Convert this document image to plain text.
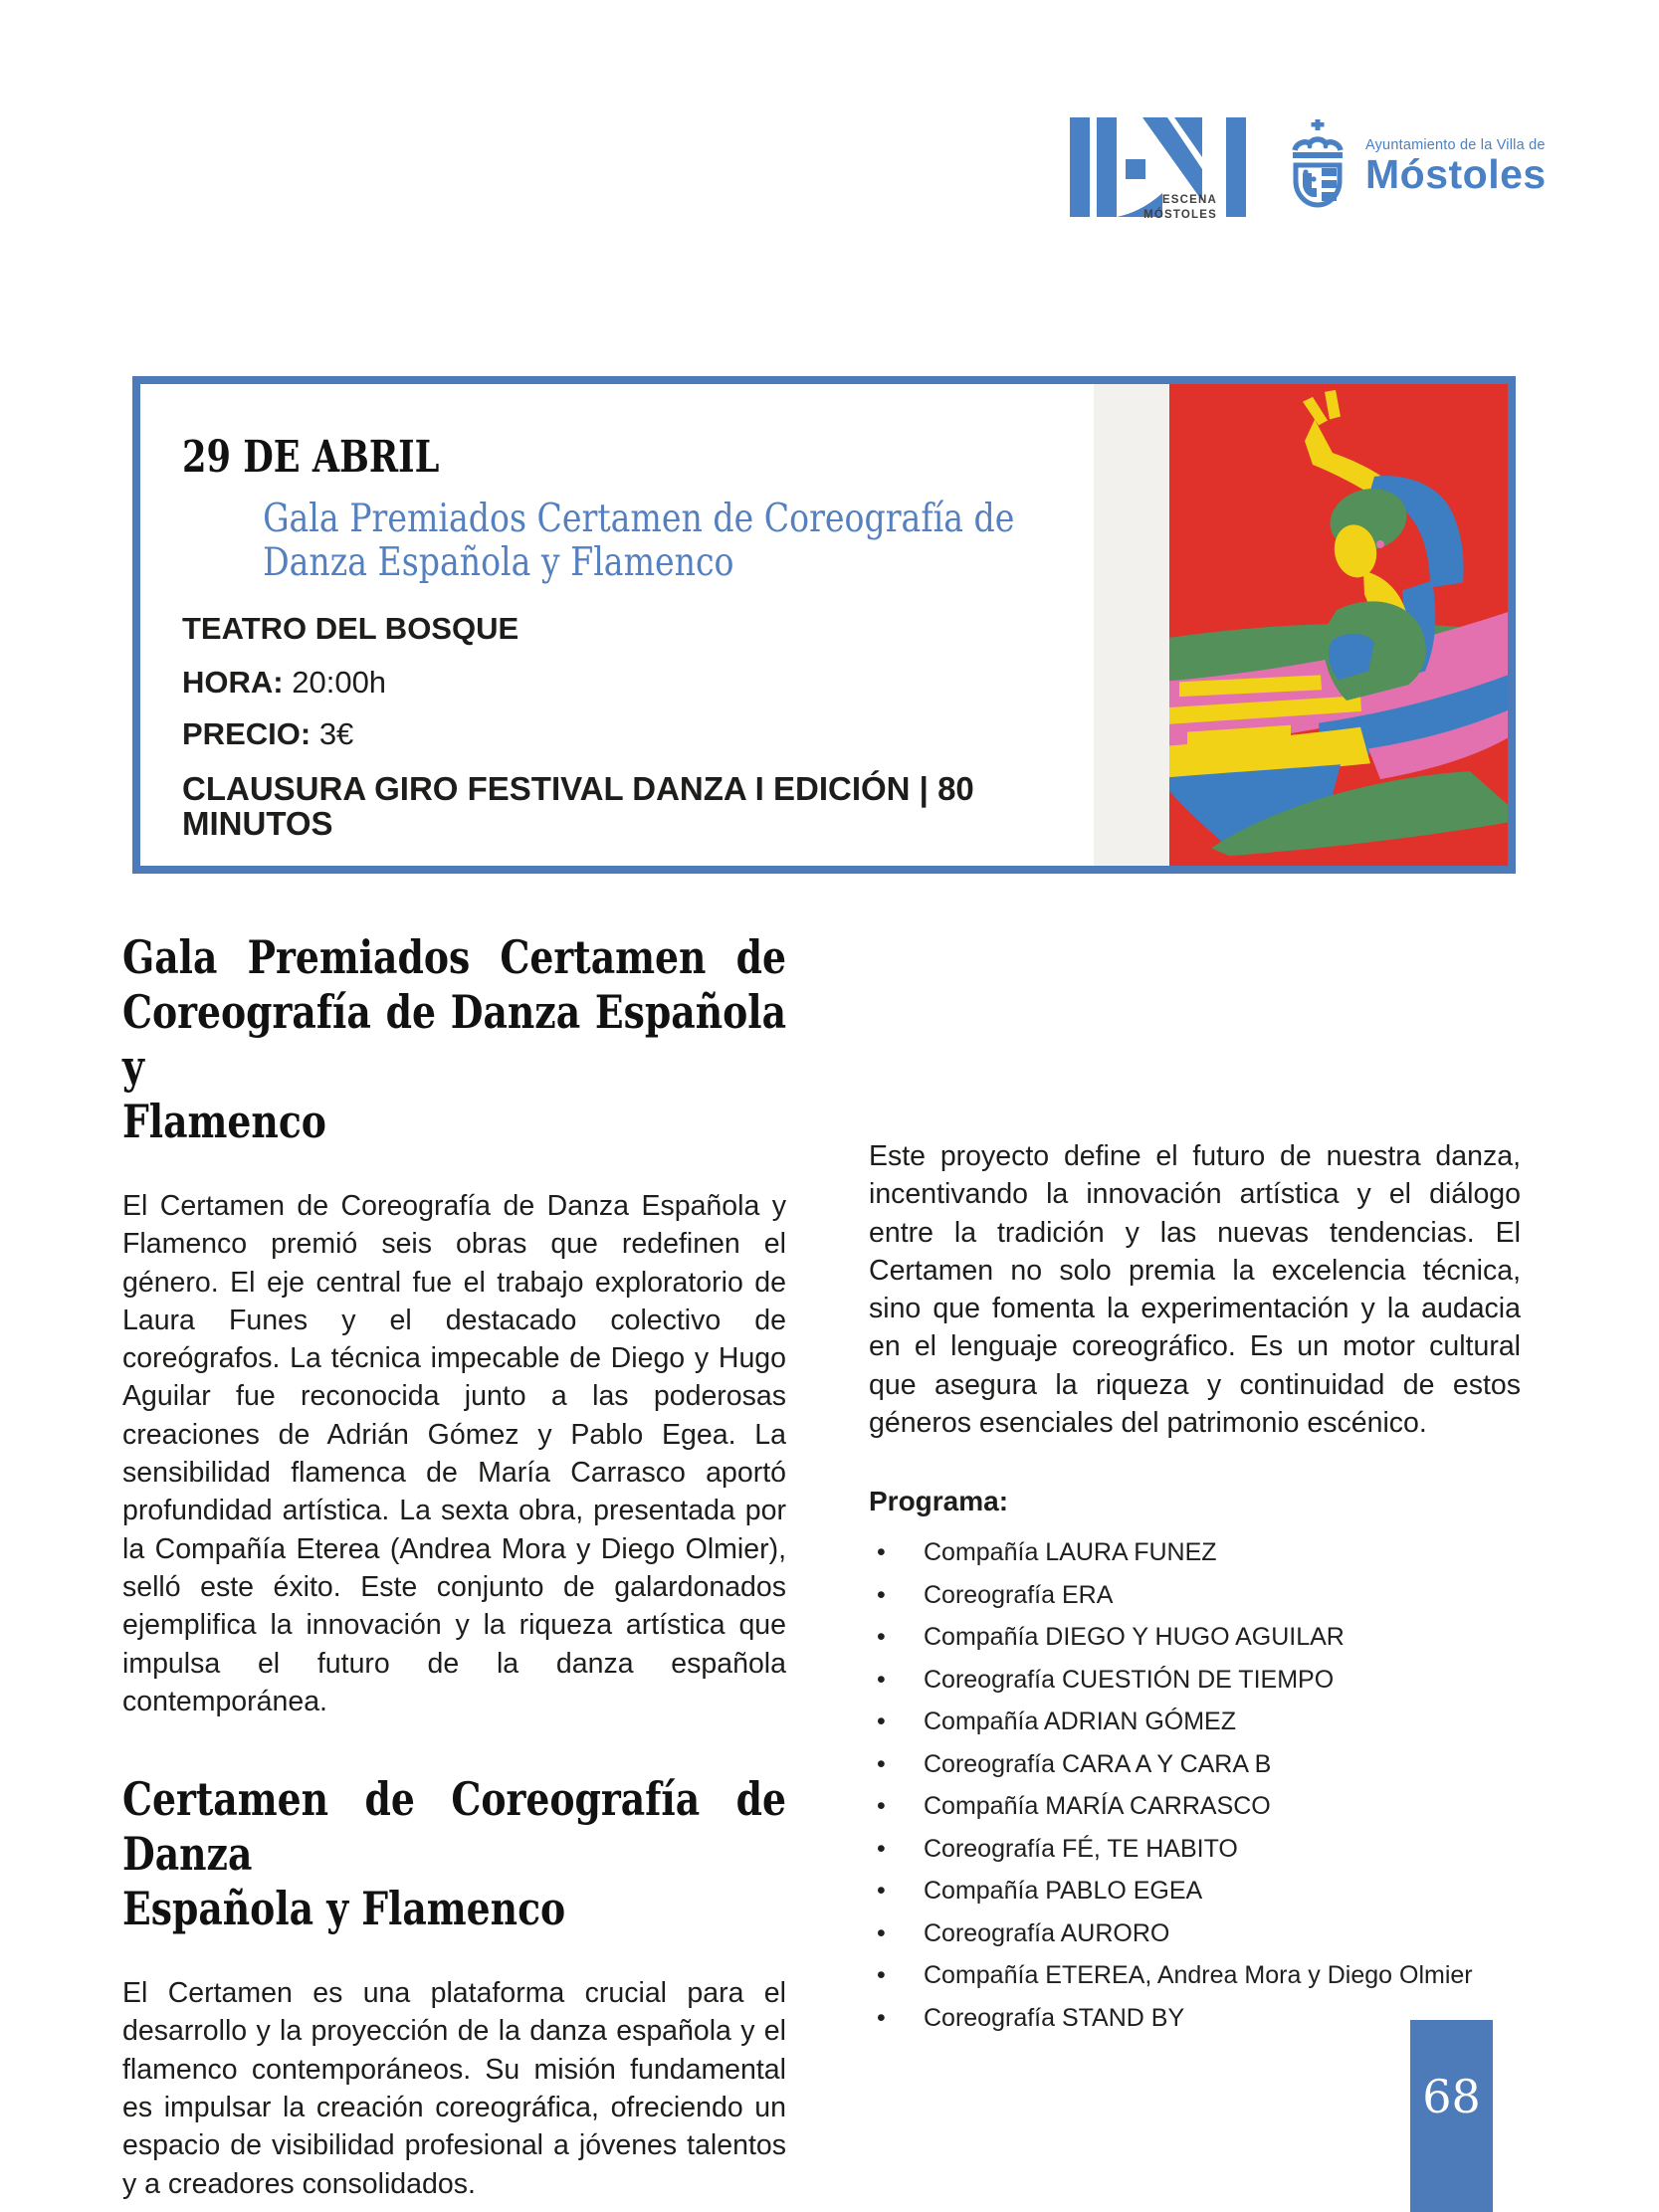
ESCENA
MÓSTOLES
Ayuntamiento de la Villa de
Móstoles
29 DE ABRIL
Gala Premiados Certamen de Coreografía de
Danza Española y Flamenco
TEATRO DEL BOSQUE
HORA: 20:00h
PRECIO: 3€
CLAUSURA GIRO FESTIVAL DANZA I EDICIÓN | 80 MINUTOS
Gala Premiados Certamen de
Coreografía de Danza Española y
Flamenco

El Certamen de Coreografía de Danza Española y Flamenco premió seis obras que redefinen el género. El eje central fue el trabajo exploratorio de Laura Funes y el destacado colectivo de coreógrafos. La técnica impecable de Diego y Hugo Aguilar fue reconocida junto a las poderosas creaciones de Adrián Gómez y Pablo Egea. La sensibilidad flamenca de María Carrasco aportó profundidad artística. La sexta obra, presentada por la Compañía Eterea (Andrea Mora y Diego Olmier), selló este éxito. Este conjunto de galardonados ejemplifica la innovación y la riqueza artística que impulsa el futuro de la danza española contemporánea.

Certamen de Coreografía de Danza
Española y Flamenco

El Certamen es una plataforma crucial para el desarrollo y la proyección de la danza española y el flamenco contemporáneos. Su misión fundamental es impulsar la creación coreográfica, ofreciendo un espacio de visibilidad profesional a jóvenes talentos y a creadores consolidados.

Este proyecto define el futuro de nuestra danza, incentivando la innovación artística y el diálogo entre la tradición y las nuevas tendencias. El Certamen no solo premia la excelencia técnica, sino que fomenta la experimentación y la audacia en el lenguaje coreográfico. Es un motor cultural que asegura la riqueza y continuidad de estos géneros esenciales del patrimonio escénico.

Programa:
• Compañía LAURA FUNEZ
• Coreografía ERA
• Compañía DIEGO Y HUGO AGUILAR
• Coreografía CUESTIÓN DE TIEMPO
• Compañía ADRIAN GÓMEZ
• Coreografía CARA A Y CARA B
• Compañía MARÍA CARRASCO
• Coreografía FÉ, TE HABITO
• Compañía PABLO EGEA
• Coreografía AURORO
• Compañía ETEREA, Andrea Mora y Diego Olmier
• Coreografía STAND BY
68
